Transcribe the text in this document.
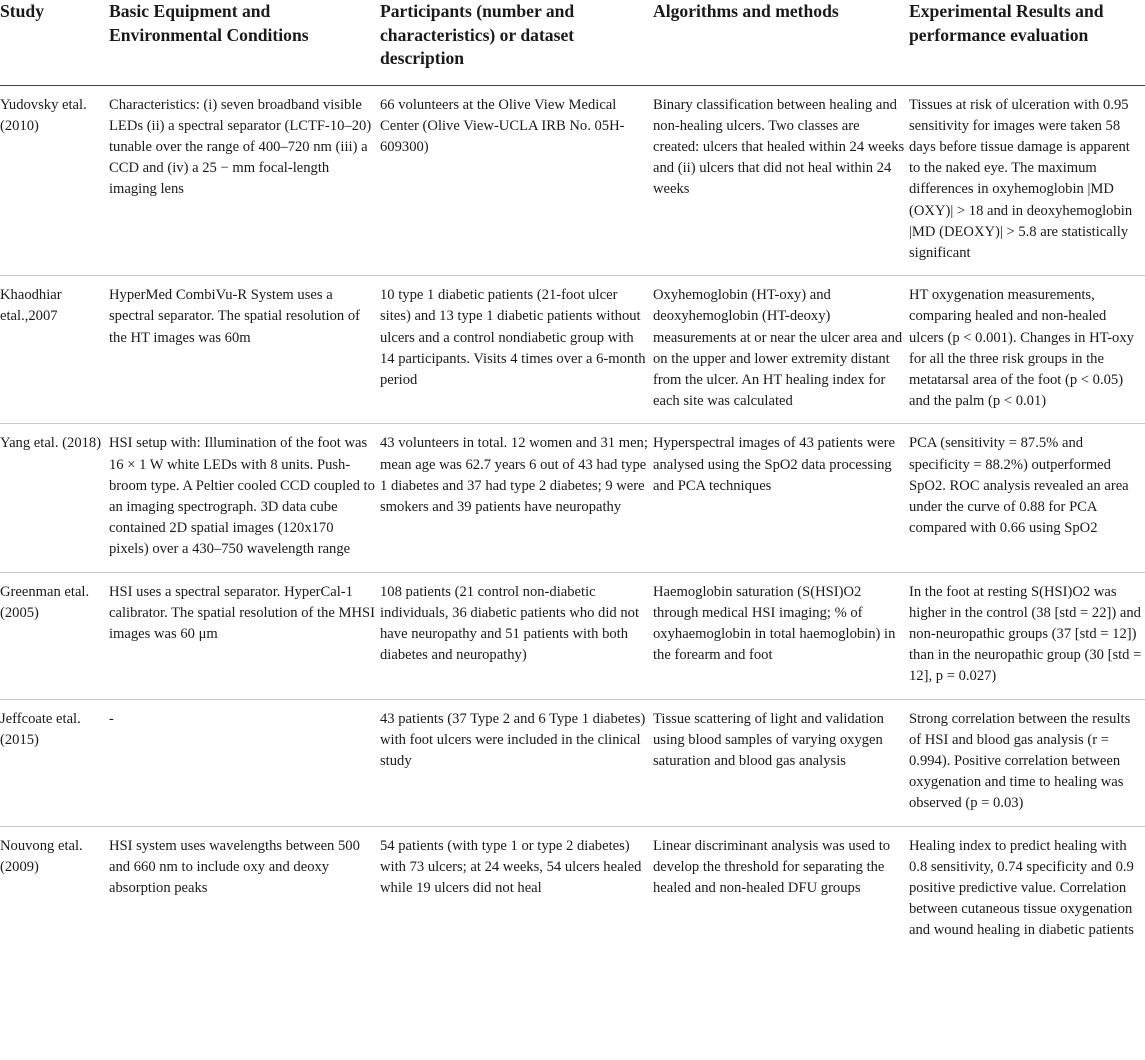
Study	Basic Equipment and Environmental Conditions	Participants (number and characteristics) or dataset description	Algorithms and methods	Experimental Results and performance evaluation
Yudovsky etal.(2010)	Characteristics: (i) seven broadband visible LEDs (ii) a spectral separator (LCTF-10–20) tunable over the range of 400–720 nm (iii) a CCD and (iv) a 25 − mm focal-length imaging lens	66 volunteers at the Olive View Medical Center (Olive View-UCLA IRB No. 05H-609300)	Binary classification between healing and non-healing ulcers. Two classes are created: ulcers that healed within 24 weeks and (ii) ulcers that did not heal within 24 weeks	Tissues at risk of ulceration with 0.95 sensitivity for images were taken 58 days before tissue damage is apparent to the naked eye. The maximum differences in oxyhemoglobin |MD (OXY)| > 18 and in deoxyhemoglobin |MD (DEOXY)| > 5.8 are statistically significant
Khaodhiar etal.,2007	HyperMed CombiVu-R System uses a spectral separator. The spatial resolution of the HT images was 60m	10 type 1 diabetic patients (21-foot ulcer sites) and 13 type 1 diabetic patients without ulcers and a control nondiabetic group with 14 participants. Visits 4 times over a 6-month period	Oxyhemoglobin (HT-oxy) and deoxyhemoglobin (HT-deoxy) measurements at or near the ulcer area and on the upper and lower extremity distant from the ulcer. An HT healing index for each site was calculated	HT oxygenation measurements, comparing healed and non-healed ulcers (p < 0.001). Changes in HT-oxy for all the three risk groups in the metatarsal area of the foot (p < 0.05) and the palm (p < 0.01)
Yang etal. (2018)	HSI setup with: Illumination of the foot was 16 × 1 W white LEDs with 8 units. Push-broom type. A Peltier cooled CCD coupled to an imaging spectrograph. 3D data cube contained 2D spatial images (120x170 pixels) over a 430–750 wavelength range	43 volunteers in total. 12 women and 31 men; mean age was 62.7 years 6 out of 43 had type 1 diabetes and 37 had type 2 diabetes; 9 were smokers and 39 patients have neuropathy	Hyperspectral images of 43 patients were analysed using the SpO2 data processing and PCA techniques	PCA (sensitivity = 87.5% and specificity = 88.2%) outperformed SpO2. ROC analysis revealed an area under the curve of 0.88 for PCA compared with 0.66 using SpO2
Greenman etal. (2005)	HSI uses a spectral separator. HyperCal-1 calibrator. The spatial resolution of the MHSI images was 60 μm	108 patients (21 control non-diabetic individuals, 36 diabetic patients who did not have neuropathy and 51 patients with both diabetes and neuropathy)	Haemoglobin saturation (S(HSI)O2 through medical HSI imaging; % of oxyhaemoglobin in total haemoglobin) in the forearm and foot	In the foot at resting S(HSI)O2 was higher in the control (38 [std = 22]) and non-neuropathic groups (37 [std = 12]) than in the neuropathic group (30 [std = 12], p = 0.027)
Jeffcoate etal.(2015)	-	43 patients (37 Type 2 and 6 Type 1 diabetes) with foot ulcers were included in the clinical study	Tissue scattering of light and validation using blood samples of varying oxygen saturation and blood gas analysis	Strong correlation between the results of HSI and blood gas analysis (r = 0.994). Positive correlation between oxygenation and time to healing was observed (p = 0.03)
Nouvong etal.(2009)	HSI system uses wavelengths between 500 and 660 nm to include oxy and deoxy absorption peaks	54 patients (with type 1 or type 2 diabetes) with 73 ulcers; at 24 weeks, 54 ulcers healed while 19 ulcers did not heal	Linear discriminant analysis was used to develop the threshold for separating the healed and non-healed DFU groups	Healing index to predict healing with 0.8 sensitivity, 0.74 specificity and 0.9 positive predictive value. Correlation between cutaneous tissue oxygenation and wound healing in diabetic patients
